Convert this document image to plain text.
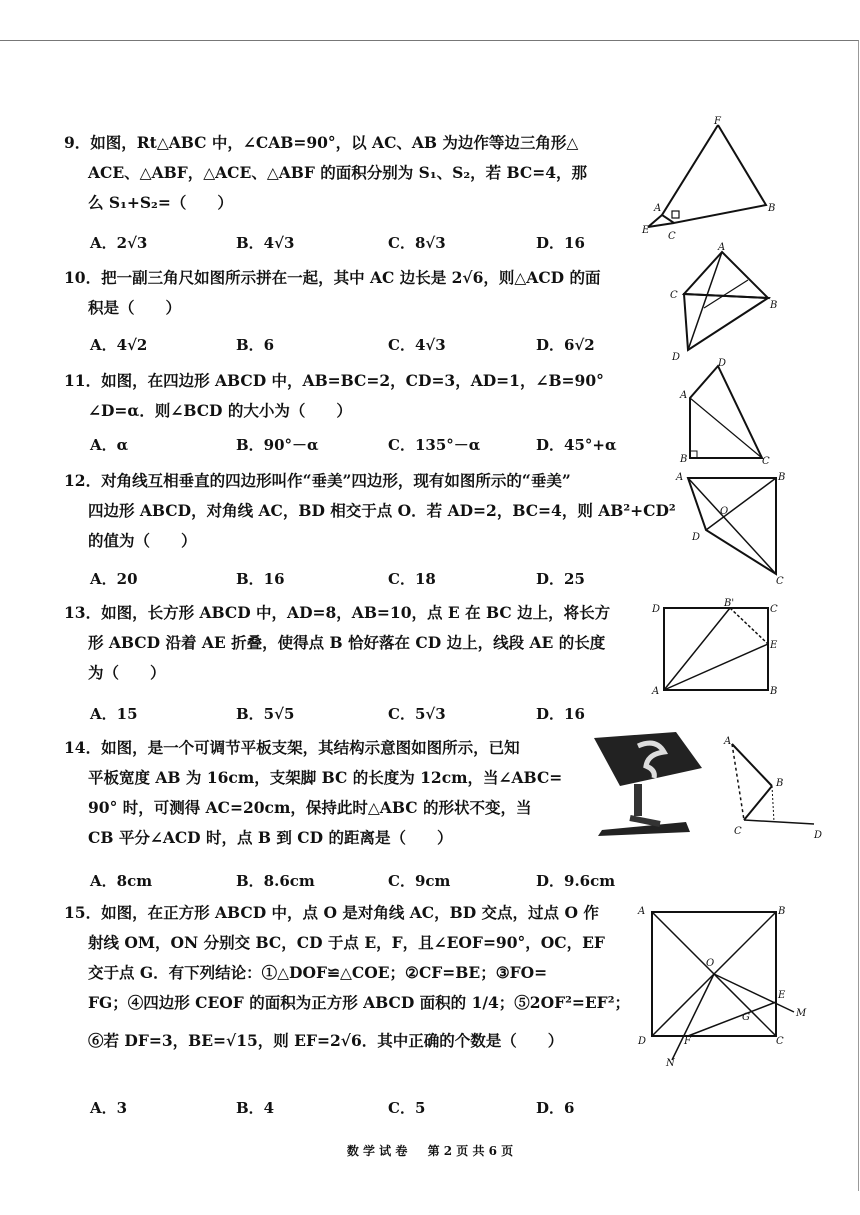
9．如图，Rt△ABC 中，∠CAB=90°，以 AC、AB 为边作等边三角形△
ACE、△ABF，△ACE、△ABF 的面积分别为 S₁、S₂，若 BC=4，那
么 S₁+S₂=（　　）
A．2√3	B．4√3	C．8√3	D．16
F
A	B
E
C
10．把一副三角尺如图所示拼在一起，其中 AC 边长是 2√6，则△ACD 的面
积是（　　）
A．4√2	B．6	C．4√3	D．6√2
A
C
B
D
11．如图，在四边形 ABCD 中，AB=BC=2，CD=3，AD=1，∠B=90°
∠D=α．则∠BCD 的大小为（　　）
A．α	B．90°－α	C．135°－α	D．45°+α
D
A
B	C
12．对角线互相垂直的四边形叫作“垂美”四边形，现有如图所示的“垂美”
四边形 ABCD，对角线 AC，BD 相交于点 O．若 AD=2，BC=4，则 AB²+CD²
的值为（　　）
A．20	B．16	C．18	D．25
A	B
O
D
C
13．如图，长方形 ABCD 中，AD=8，AB=10，点 E 在 BC 边上，将长方
形 ABCD 沿着 AE 折叠，使得点 B 恰好落在 CD 边上，线段 AE 的长度
为（　　）
A．15	B．5√5	C．5√3	D．16
D
B'
C
E
A	B
14．如图，是一个可调节平板支架，其结构示意图如图所示，已知
平板宽度 AB 为 16cm，支架脚 BC 的长度为 12cm，当∠ABC=
90° 时，可测得 AC=20cm，保持此时△ABC 的形状不变，当
CB 平分∠ACD 时，点 B 到 CD 的距离是（　　）
A．8cm	B．8.6cm	C．9cm	D．9.6cm
A
B
C	D
15．如图，在正方形 ABCD 中，点 O 是对角线 AC，BD 交点，过点 O 作
射线 OM，ON 分别交 BC，CD 于点 E，F，且∠EOF=90°，OC，EF
交于点 G．有下列结论：①△DOF≌△COE；②CF=BE；③FO=
FG；④四边形 CEOF 的面积为正方形 ABCD 面积的 1/4；⑤2OF²=EF²；
⑥若 DF=3，BE=√15，则 EF=2√6．其中正确的个数是（　　）
A．3	B．4	C．5	D．6
A	B
O
E
M
G
D	F	C
N
数 学 试 卷 第 2 页 共 6 页
